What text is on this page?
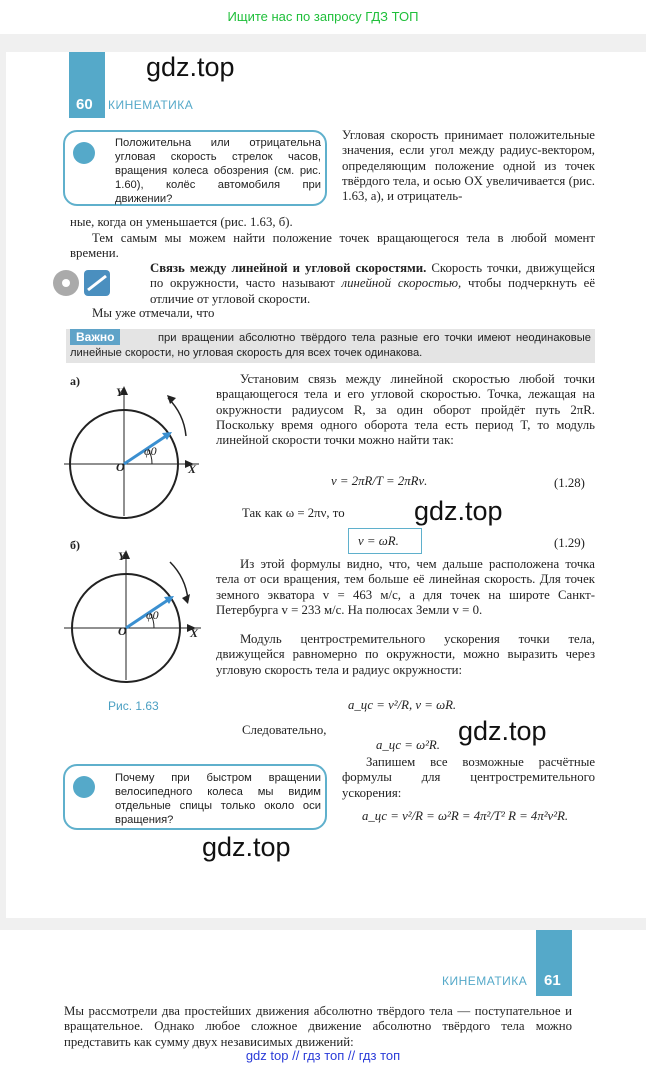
Ищите нас по запросу ГДЗ ТОП
60 КИНЕМАТИКА
gdz.top
Положительна или отрицательна угловая скорость стрелок часов, вращения колеса обозрения (см. рис. 1.60), колёс автомобиля при движении?
Угловая скорость принимает положительные значения, если угол между радиус-вектором, определяющим положение одной из точек твёрдого тела, и осью OX увеличивается (рис. 1.63, а), и отрицатель-
ные, когда он уменьшается (рис. 1.63, б).
Тем самым мы можем найти положение точек вращающегося тела в любой момент времени.
Связь между линейной и угловой скоростями. Скорость точки, движущейся по окружности, часто называют линейной скоростью, чтобы подчеркнуть её отличие от угловой скорости.
Мы уже отмечали, что
Важно	при вращении абсолютно твёрдого тела разные его точки имеют неодинаковые линейные скорости, но угловая скорость для всех точек одинакова.
а)
Y
X
O
φ0
б)
Y
X
O
φ0
Рис. 1.63
Установим связь между линейной скоростью любой точки вращающегося тела и его угловой скоростью. Точка, лежащая на окружности радиусом R, за один оборот пройдёт путь 2πR. Поскольку время одного оборота тела есть период T, то модуль линейной скорости точки можно найти так:
v = 2πR/T = 2πRν.	(1.28)
Так как ω = 2πν, то
v = ωR.	(1.29)
Из этой формулы видно, что, чем дальше расположена точка тела от оси вращения, тем больше её линейная скорость. Для точек земного экватора v = 463 м/с, а для точек на широте Санкт-Петербурга v = 233 м/с. На полюсах Земли v = 0.
Модуль центростремительного ускорения точки тела, движущейся равномерно по окружности, можно выразить через угловую скорость тела и радиус окружности:
a_цс = v²/R, v = ωR.
Следовательно,
a_цс = ω²R. gdz.top
gdz.top
Запишем все возможные расчётные формулы для центростремительного ускорения:
a_цс = v²/R = ω²R = 4π²/T² R = 4π²ν²R.
Почему при быстром вращении велосипедного колеса мы видим отдельные спицы только около оси вращения?
gdz.top
61
КИНЕМАТИКА
Мы рассмотрели два простейших движения абсолютно твёрдого тела — поступательное и вращательное. Однако любое сложное движение абсолютно твёрдого тела можно представить как сумму двух независимых движений:
gdz top // гдз топ // гдз топ
